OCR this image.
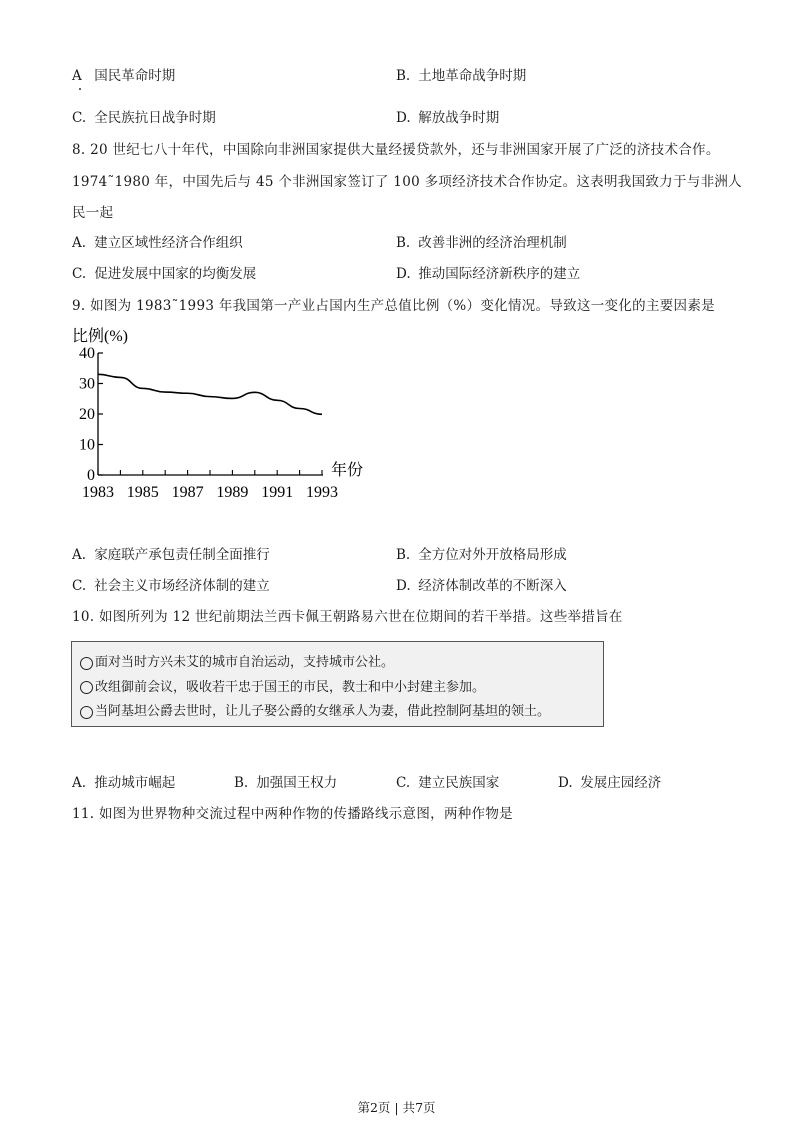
A 国民革命时期	B. 土地革命战争时期
C. 全民族抗日战争时期	D. 解放战争时期
8. 20 世纪七八十年代，中国除向非洲国家提供大量经援贷款外，还与非洲国家开展了广泛的济技术合作。
1974˜1980 年，中国先后与 45 个非洲国家签订了 100 多项经济技术合作协定。这表明我国致力于与非洲人
民一起
A. 建立区域性经济合作组织	B. 改善非洲的经济治理机制
C. 促进发展中国家的均衡发展	D. 推动国际经济新秩序的建立
9. 如图为 1983˜1993 年我国第一产业占国内生产总值比例（%）变化情况。导致这一变化的主要因素是
比例(%)
年份
0
10
20
30
40
1983 1985 1987 1989 1991 1993
A. 家庭联产承包责任制全面推行	B. 全方位对外开放格局形成
C. 社会主义市场经济体制的建立	D. 经济体制改革的不断深入
10. 如图所列为 12 世纪前期法兰西卡佩王朝路易六世在位期间的若干举措。这些举措旨在
面对当时方兴未艾的城市自治运动，支持城市公社。
改组御前会议，吸收若干忠于国王的市民，教士和中小封建主参加。
当阿基坦公爵去世时，让儿子娶公爵的女继承人为妻，借此控制阿基坦的领土。
A. 推动城市崛起	B. 加强国王权力	C. 建立民族国家	D. 发展庄园经济
11. 如图为世界物种交流过程中两种作物的传播路线示意图，两种作物是
第2页 | 共7页
